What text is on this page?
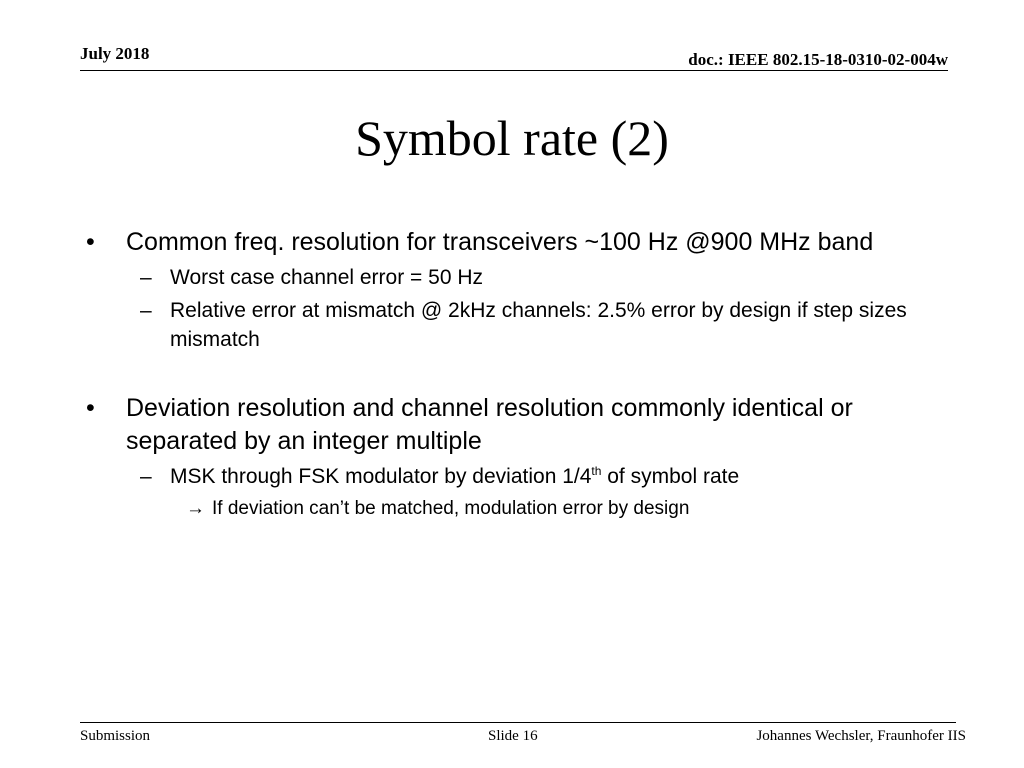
July 2018	doc.: IEEE 802.15-18-0310-02-004w
Symbol rate (2)
• Common freq. resolution for transceivers ~100 Hz @900 MHz band
– Worst case channel error = 50 Hz
– Relative error at mismatch @ 2kHz channels: 2.5% error by design if step sizes mismatch
• Deviation resolution and channel resolution commonly identical or separated by an integer multiple
– MSK through FSK modulator by deviation 1/4th of symbol rate
→ If deviation can’t be matched, modulation error by design
Submission	Slide 16	Johannes Wechsler, Fraunhofer IIS
